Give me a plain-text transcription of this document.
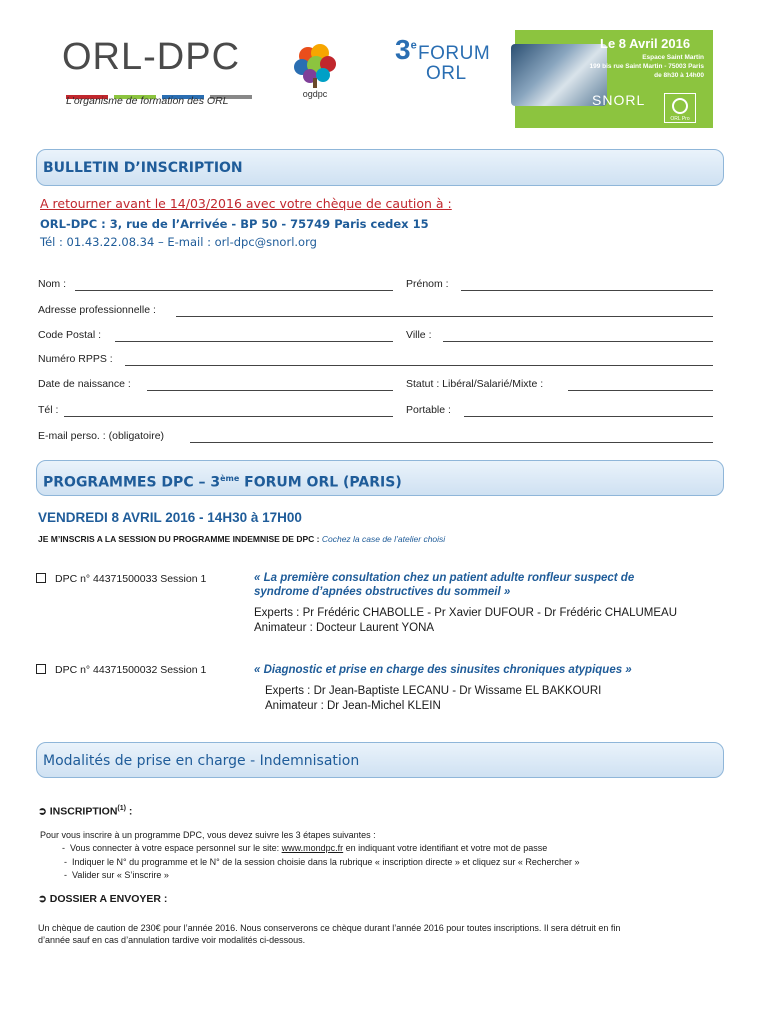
ORL-DPC
L'organisme de formation des ORL
ogdpc
3e FORUM
ORL
Le 8 Avril 2016
Espace Saint Martin
199 bis rue Saint Martin - 75003 Paris
de 8h30 à 14h00
SNORL
ORL Pro
BULLETIN D’INSCRIPTION
A retourner avant le 14/03/2016 avec votre chèque de caution à :
ORL-DPC : 3, rue de l’Arrivée - BP 50 - 75749 Paris cedex 15
Tél : 01.43.22.08.34 – E-mail : orl-dpc@snorl.org
Nom :	Prénom :
Adresse professionnelle :
Code Postal :	Ville :
Numéro RPPS :
Date de naissance :	Statut : Libéral/Salarié/Mixte :
Tél :	Portable :
E-mail perso. : (obligatoire)
PROGRAMMES DPC – 3ème FORUM ORL (PARIS)
VENDREDI 8 AVRIL 2016 - 14H30 à 17H00
JE M’INSCRIS A LA SESSION DU PROGRAMME INDEMNISE DE DPC : Cochez la case de l’atelier choisi
DPC n° 44371500033 Session 1	« La première consultation chez un patient adulte ronfleur suspect de
syndrome d’apnées obstructives du sommeil »
Experts : Pr Frédéric CHABOLLE - Pr Xavier DUFOUR - Dr Frédéric CHALUMEAU
Animateur : Docteur Laurent YONA
DPC n° 44371500032 Session 1	« Diagnostic et prise en charge des sinusites chroniques atypiques »
Experts : Dr Jean-Baptiste LECANU - Dr Wissame EL BAKKOURI
Animateur : Dr Jean-Michel KLEIN
Modalités de prise en charge - Indemnisation
➲ INSCRIPTION$^{(1)}$ :
Pour vous inscrire à un programme DPC, vous devez suivre les 3 étapes suivantes :
-  Vous connecter à votre espace personnel sur le site: www.mondpc.fr en indiquant votre identifiant et votre mot de passe
-  Indiquer le N° du programme et le N° de la session choisie dans la rubrique « inscription directe » et cliquez sur « Rechercher »
-  Valider sur « S’inscrire »
➲ DOSSIER A ENVOYER :
Un chèque de caution de 230€ pour l’année 2016. Nous conserverons ce chèque durant l’année 2016 pour toutes inscriptions. Il sera détruit en fin
d’année sauf en cas d’annulation tardive voir modalités ci-dessous.
